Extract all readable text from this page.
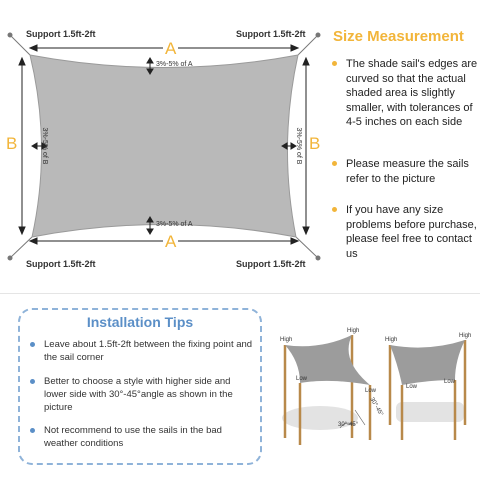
Support 1.5ft-2ft	Support 1.5ft-2ft
Support 1.5ft-2ft	Support 1.5ft-2ft
A
A
B	B
3%-5% of A
3%-5% of A
3%-5% of B	3%-5% of B
Size Measurement
The shade sail's edges are curved so that the actual shaded area is slightly smaller, with tolerances of 4-5 inches on each side
Please measure the sails refer to the picture
If you have any size problems before purchase, please feel free to contact us
Installation Tips
Leave about 1.5ft-2ft between the fixing point and the sail corner
Better to choose a style with higher side and lower side with 30°-45°angle as shown in the picture
Not recommend to use the sails in the bad weather conditions
High
High
Low
Low
30°-45°
30°-45°
High
High
Low
Low
